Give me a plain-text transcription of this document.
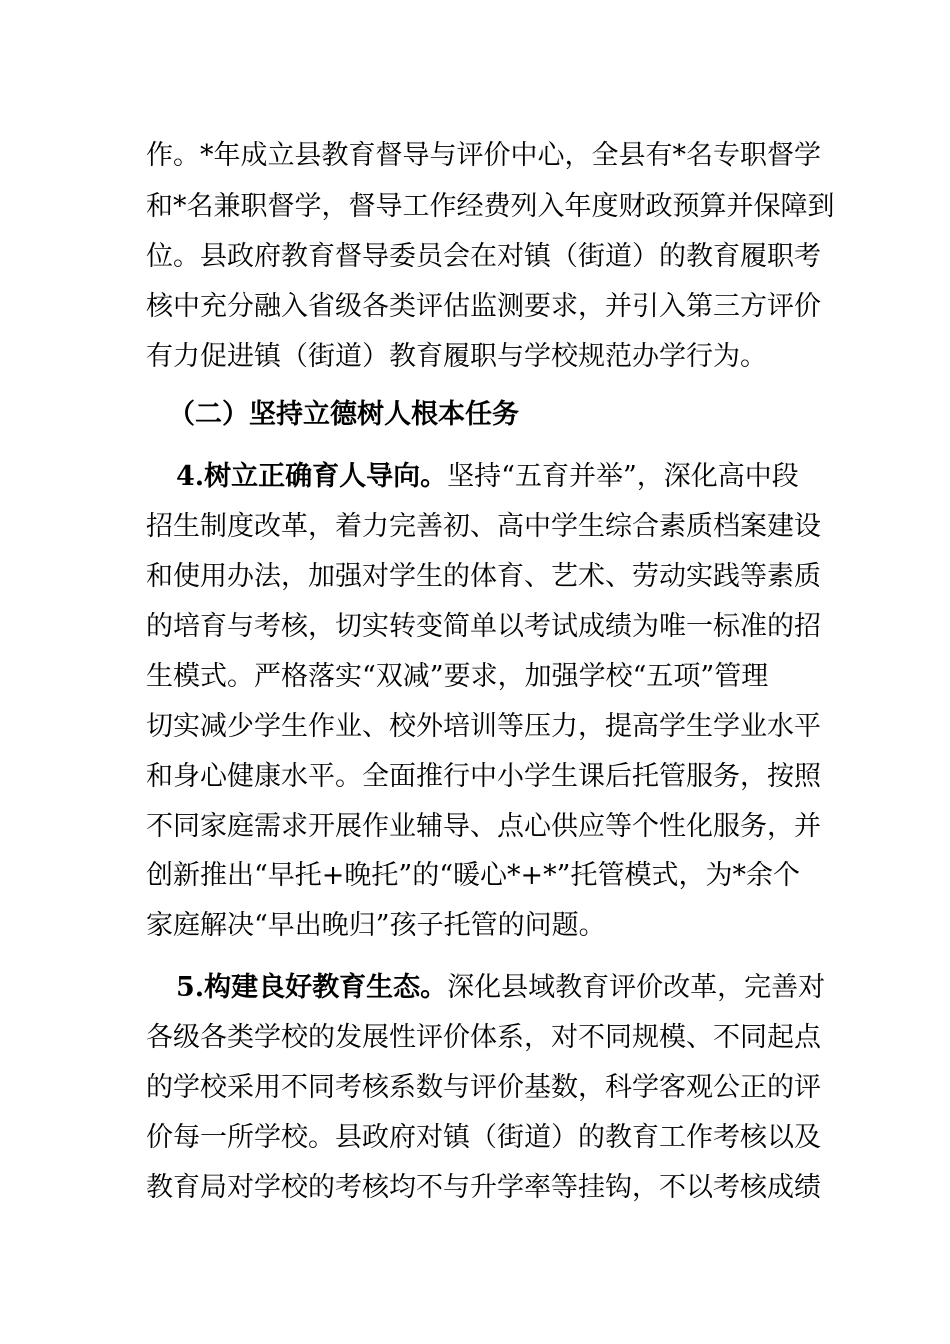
作。*年成立县教育督导与评价中心，全县有*名专职督学
和*名兼职督学，督导工作经费列入年度财政预算并保障到
位。县政府教育督导委员会在对镇（街道）的教育履职考
核中充分融入省级各类评估监测要求，并引入第三方评价
有力促进镇（街道）教育履职与学校规范办学行为。
（二）坚持立德树人根本任务
4.树立正确育人导向。坚持“五育并举”，深化高中段
招生制度改革，着力完善初、高中学生综合素质档案建设
和使用办法，加强对学生的体育、艺术、劳动实践等素质
的培育与考核，切实转变简单以考试成绩为唯一标准的招
生模式。严格落实“双减”要求，加强学校“五项”管理
切实减少学生作业、校外培训等压力，提高学生学业水平
和身心健康水平。全面推行中小学生课后托管服务，按照
不同家庭需求开展作业辅导、点心供应等个性化服务，并
创新推出“早托+晚托”的“暖心*+*”托管模式，为*余个
家庭解决“早出晚归”孩子托管的问题。
5.构建良好教育生态。深化县域教育评价改革，完善对
各级各类学校的发展性评价体系，对不同规模、不同起点
的学校采用不同考核系数与评价基数，科学客观公正的评
价每一所学校。县政府对镇（街道）的教育工作考核以及
教育局对学校的考核均不与升学率等挂钩，不以考核成绩
